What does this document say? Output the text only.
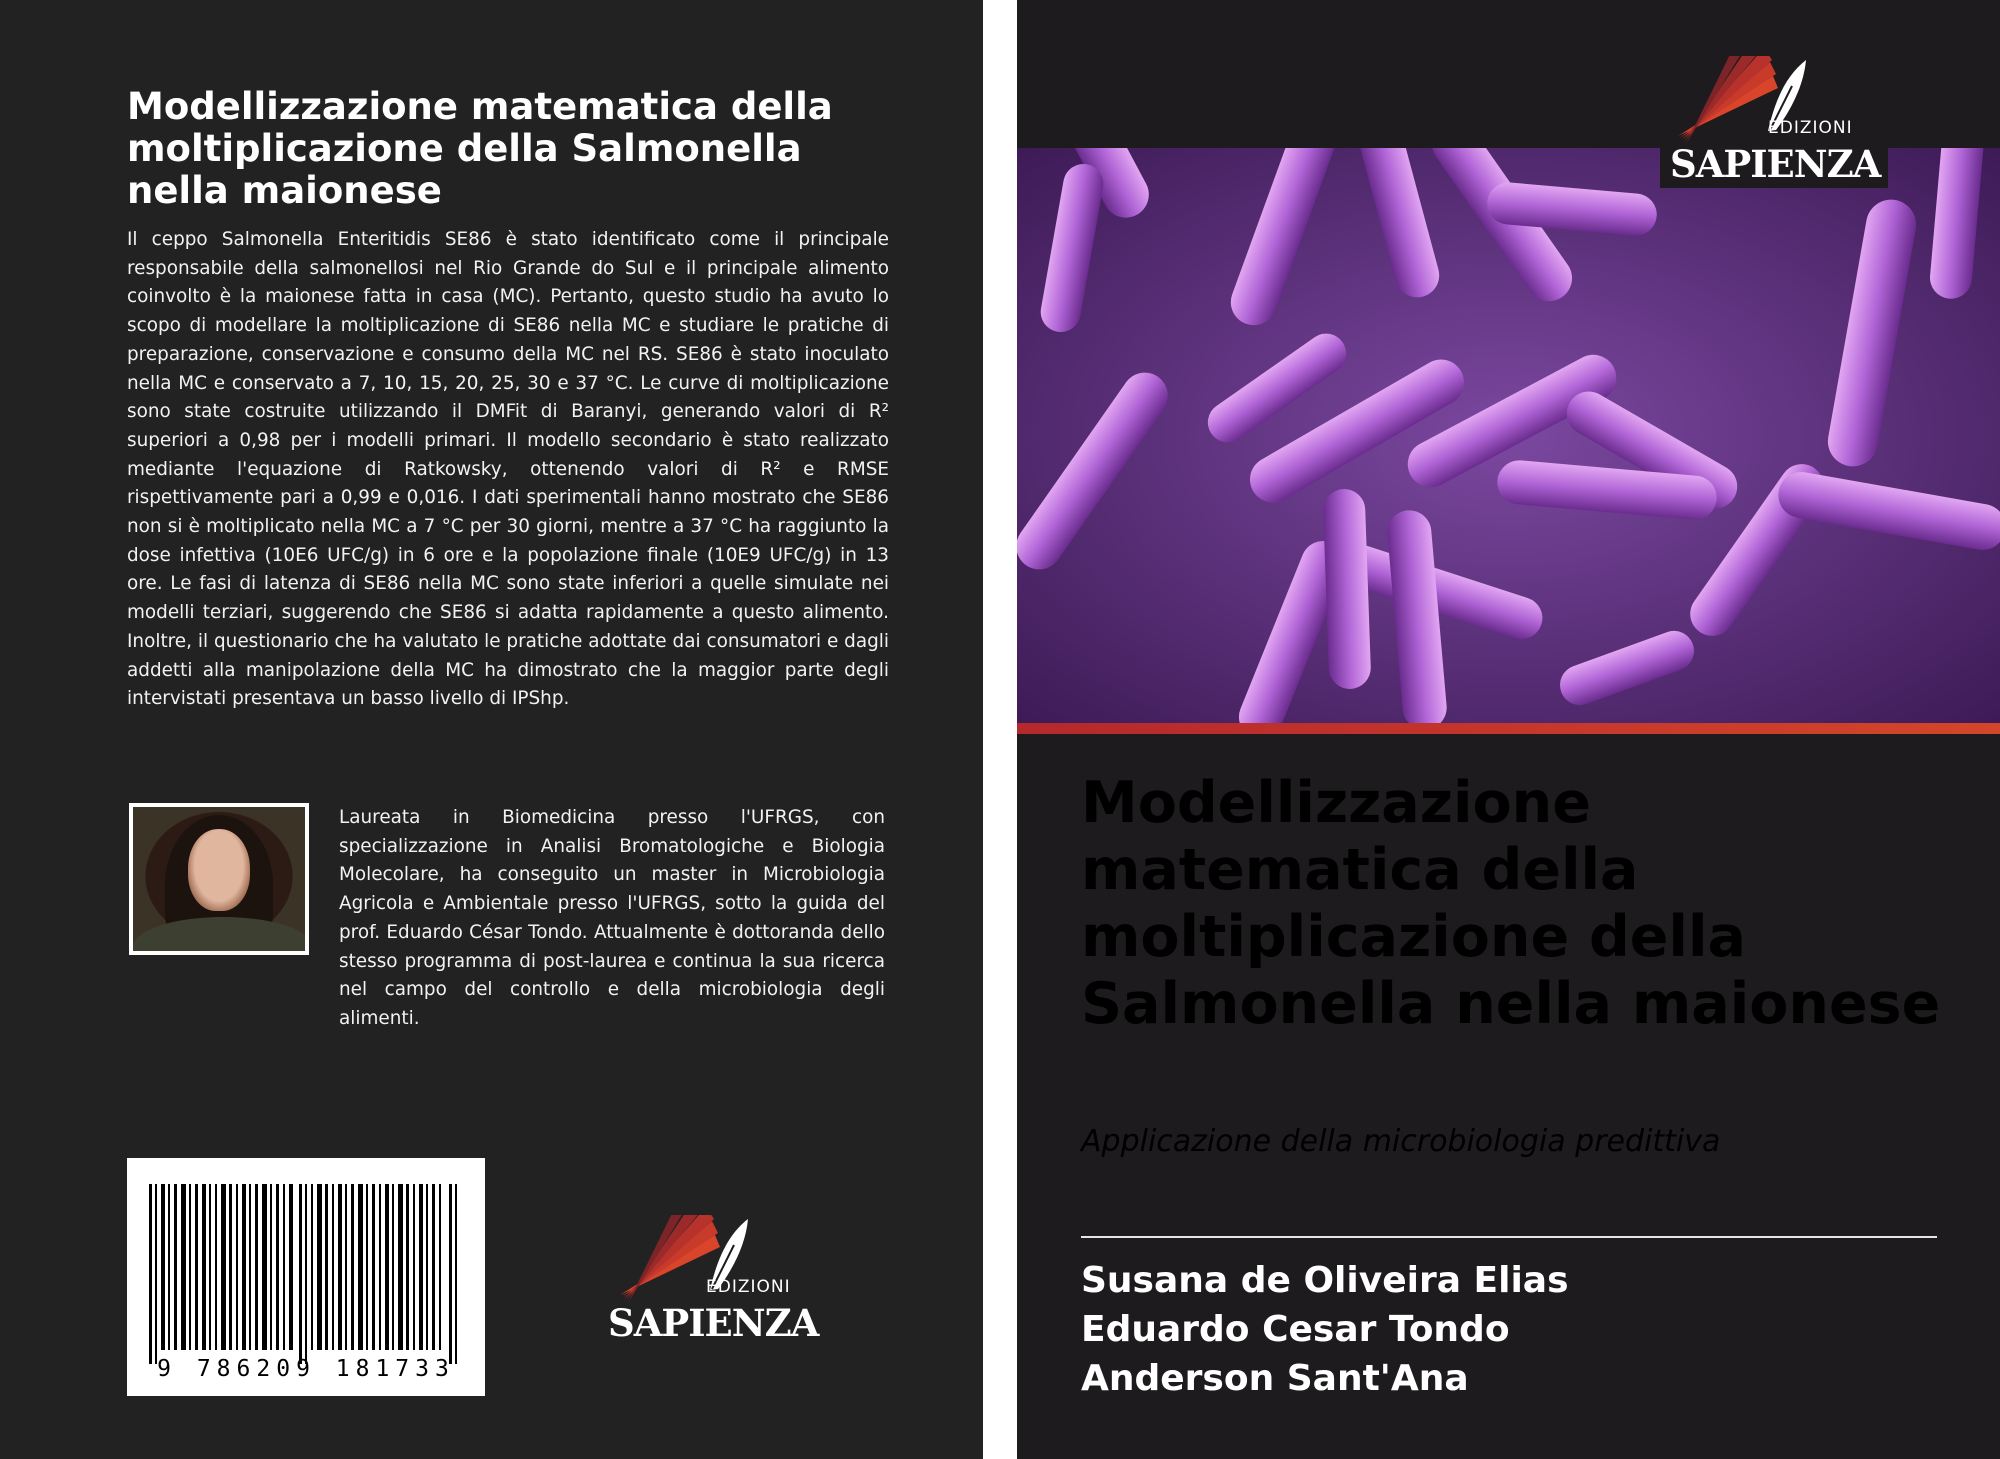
Modellizzazione matematica della moltiplicazione della Salmonella nella maionese

Il ceppo Salmonella Enteritidis SE86 è stato identificato come il principale responsabile della salmonellosi nel Rio Grande do Sul e il principale alimento coinvolto è la maionese fatta in casa (MC). Pertanto, questo studio ha avuto lo scopo di modellare la moltiplicazione di SE86 nella MC e studiare le pratiche di preparazione, conservazione e consumo della MC nel RS. SE86 è stato inoculato nella MC e conservato a 7, 10, 15, 20, 25, 30 e 37 °C. Le curve di moltiplicazione sono state costruite utilizzando il DMFit di Baranyi, generando valori di R² superiori a 0,98 per i modelli primari. Il modello secondario è stato realizzato mediante l'equazione di Ratkowsky, ottenendo valori di R² e RMSE rispettivamente pari a 0,99 e 0,016. I dati sperimentali hanno mostrato che SE86 non si è moltiplicato nella MC a 7 °C per 30 giorni, mentre a 37 °C ha raggiunto la dose infettiva (10E6 UFC/g) in 6 ore e la popolazione finale (10E9 UFC/g) in 13 ore. Le fasi di latenza di SE86 nella MC sono state inferiori a quelle simulate nei modelli terziari, suggerendo che SE86 si adatta rapidamente a questo alimento. Inoltre, il questionario che ha valutato le pratiche adottate dai consumatori e dagli addetti alla manipolazione della MC ha dimostrato che la maggior parte degli intervistati presentava un basso livello di IPShp.

Laureata in Biomedicina presso l'UFRGS, con specializzazione in Analisi Bromatologiche e Biologia Molecolare, ha conseguito un master in Microbiologia Agricola e Ambientale presso l'UFRGS, sotto la guida del prof. Eduardo César Tondo. Attualmente è dottoranda dello stesso programma di post-laurea e continua la sua ricerca nel campo del controllo e della microbiologia degli alimenti.

9 786209 181733
EDIZIONI
SAPIENZA
EDIZIONI
SAPIENZA
Modellizzazione matematica della moltiplicazione della Salmonella nella maionese

Applicazione della microbiologia predittiva

Susana de Oliveira Elias
Eduardo Cesar Tondo
Anderson Sant'Ana
